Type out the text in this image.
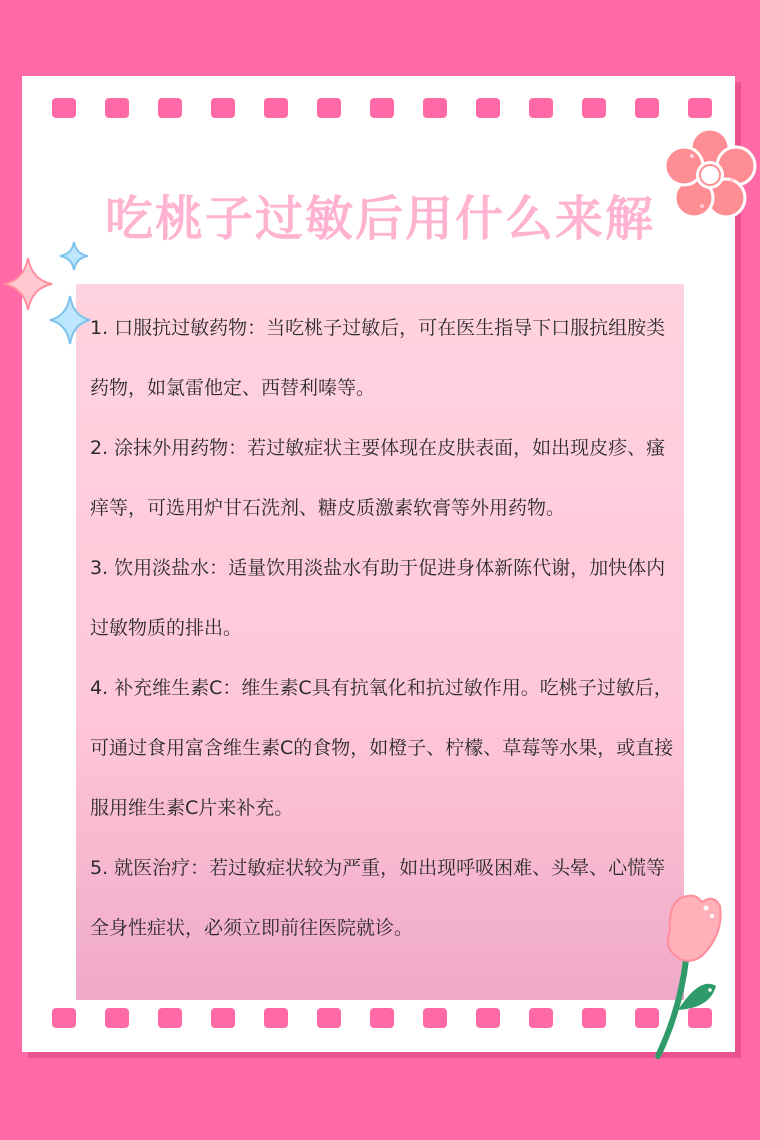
吃桃子过敏后用什么来解
1. 口服抗过敏药物：当吃桃子过敏后，可在医生指导下口服抗组胺类药物，如氯雷他定、西替利嗪等。
2. 涂抹外用药物：若过敏症状主要体现在皮肤表面，如出现皮疹、瘙痒等，可选用炉甘石洗剂、糖皮质激素软膏等外用药物。
3. 饮用淡盐水：适量饮用淡盐水有助于促进身体新陈代谢，加快体内过敏物质的排出。
4. 补充维生素C：维生素C具有抗氧化和抗过敏作用。吃桃子过敏后，可通过食用富含维生素C的食物，如橙子、柠檬、草莓等水果，或直接服用维生素C片来补充。
5. 就医治疗：若过敏症状较为严重，如出现呼吸困难、头晕、心慌等全身性症状，必须立即前往医院就诊。
